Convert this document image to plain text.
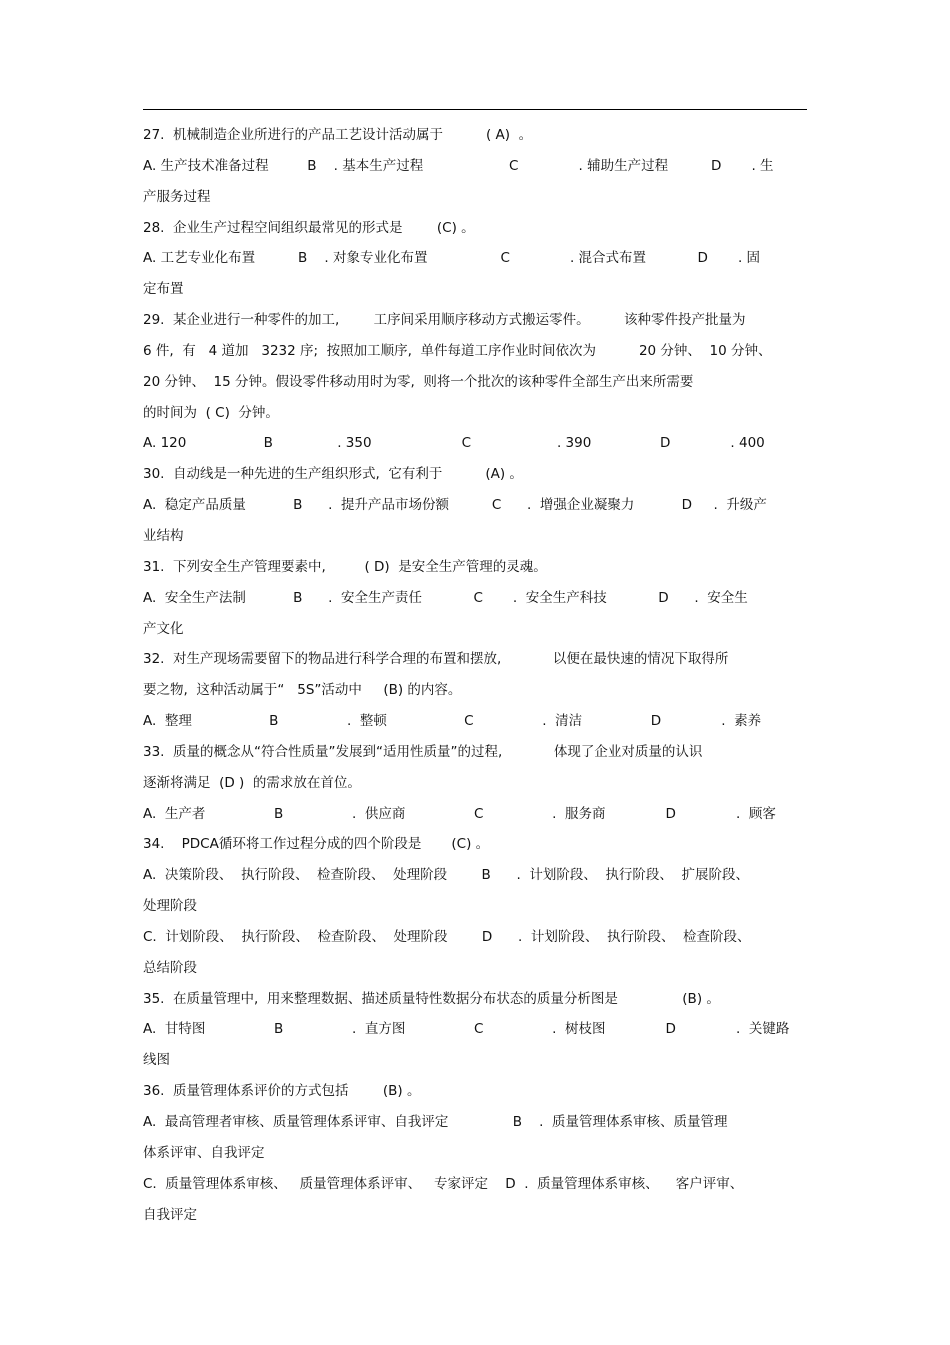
27.  机械制造企业所进行的产品工艺设计活动属于          ( A)  。
A. 生产技术准备过程         B    . 基本生产过程                    C              . 辅助生产过程          D       . 生
产服务过程
28.  企业生产过程空间组织最常见的形式是        (C) 。
A. 工艺专业化布置          B    . 对象专业化布置                 C              . 混合式布置            D       . 固
定布置
29.  某企业进行一种零件的加工,        工序间采用顺序移动方式搬运零件。        该种零件投产批量为
6 件,  有   4 道加   3232 序;  按照加工顺序,  单件每道工序作业时间依次为          20 分钟、  10 分钟、
20 分钟、  15 分钟。假设零件移动用时为零,  则将一个批次的该种零件全部生产出来所需要
的时间为  ( C)  分钟。
A. 120                  B               . 350                     C                    . 390                D              . 400
30.  自动线是一种先进的生产组织形式,  它有利于          (A) 。
A.  稳定产品质量           B      .  提升产品市场份额          C      .  增强企业凝聚力           D     .  升级产
业结构
31.  下列安全生产管理要素中,         ( D)  是安全生产管理的灵魂。
A.  安全生产法制           B      .  安全生产责任            C       .  安全生产科技            D      .  安全生
产文化
32.  对生产现场需要留下的物品进行科学合理的布置和摆放,            以便在最快速的情况下取得所
要之物,  这种活动属于“   5S”活动中     (B) 的内容。
A.  整理                  B                .  整顿                  C                .  清洁                D              .  素养
33.  质量的概念从“符合性质量”发展到“适用性质量”的过程,            体现了企业对质量的认识
逐渐将满足  (D )  的需求放在首位。
A.  生产者                B                .  供应商                C                .  服务商              D              .  顾客
34.    PDCA循环将工作过程分成的四个阶段是       (C) 。
A.  决策阶段、  执行阶段、  检查阶段、  处理阶段        B      .  计划阶段、  执行阶段、  扩展阶段、
处理阶段
C.  计划阶段、  执行阶段、  检查阶段、  处理阶段        D      .  计划阶段、  执行阶段、  检查阶段、
总结阶段
35.  在质量管理中,  用来整理数据、描述质量特性数据分布状态的质量分析图是               (B) 。
A.  甘特图                B                .  直方图                C                .  树枝图              D              .  关键路
线图
36.  质量管理体系评价的方式包括        (B) 。
A.  最高管理者审核、质量管理体系评审、自我评定               B    .  质量管理体系审核、质量管理
体系评审、自我评定
C.  质量管理体系审核、   质量管理体系评审、   专家评定    D  .  质量管理体系审核、    客户评审、
自我评定
